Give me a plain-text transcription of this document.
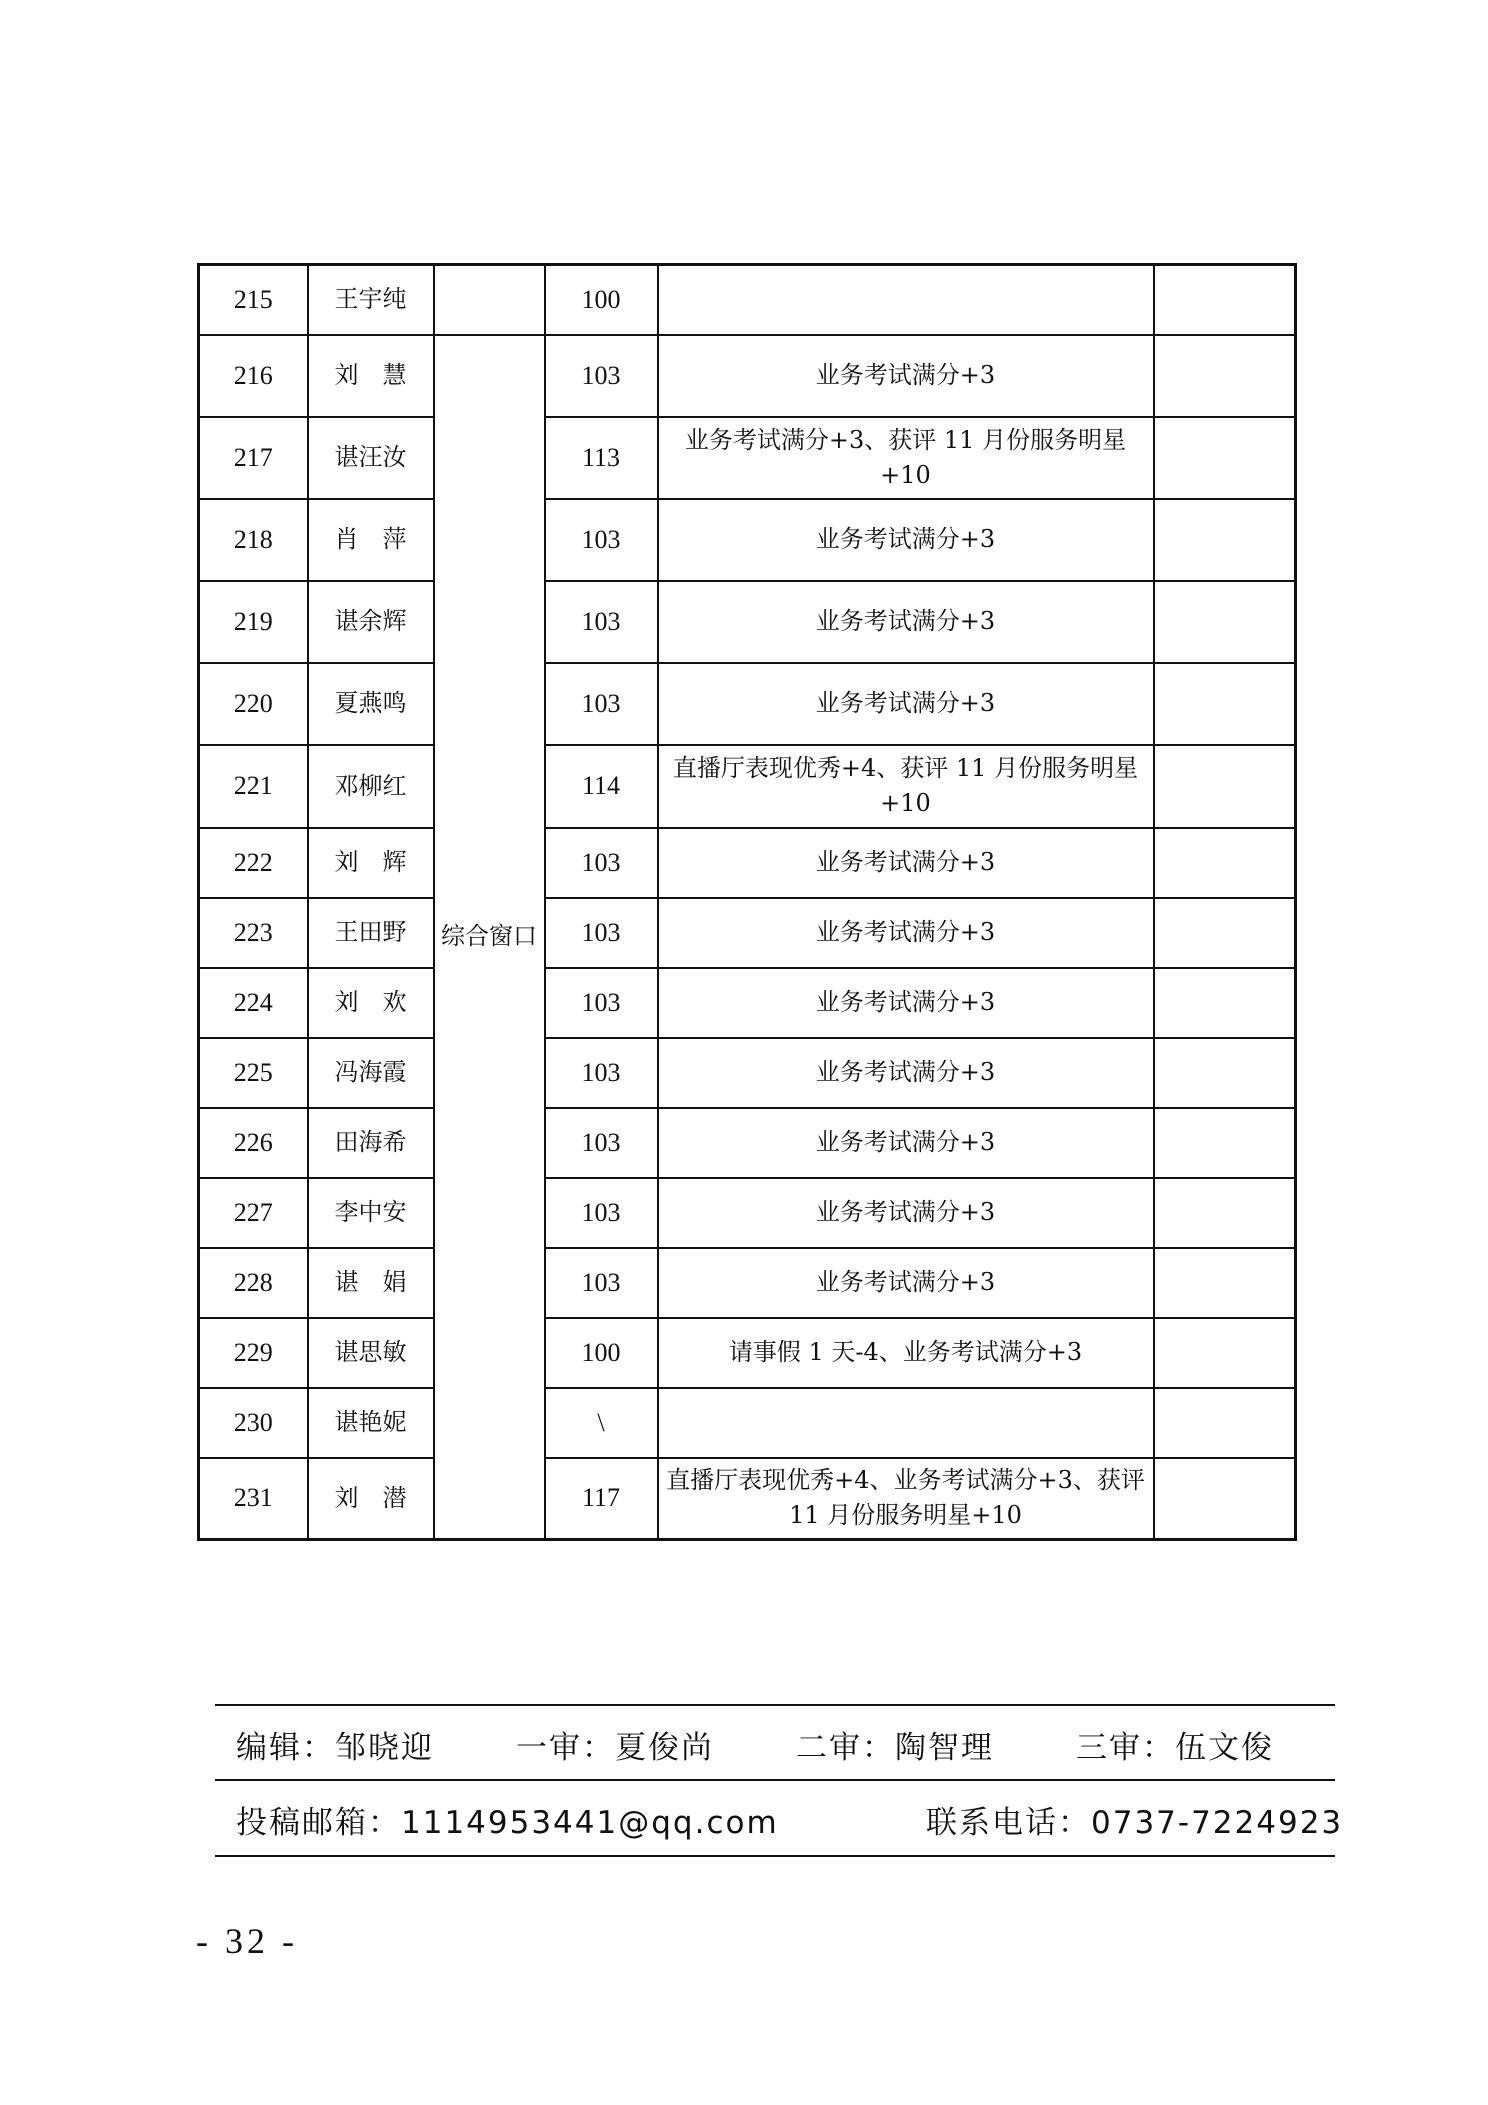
215	王宇纯		100		
216	刘　慧	综合窗口	103	业务考试满分+3	
217	谌汪汝		113	业务考试满分+3、获评 11 月份服务明星+10	
218	肖　萍		103	业务考试满分+3	
219	谌余辉		103	业务考试满分+3	
220	夏燕鸣		103	业务考试满分+3	
221	邓柳红		114	直播厅表现优秀+4、获评 11 月份服务明星+10	
222	刘　辉		103	业务考试满分+3	
223	王田野		103	业务考试满分+3	
224	刘　欢		103	业务考试满分+3	
225	冯海霞		103	业务考试满分+3	
226	田海希		103	业务考试满分+3	
227	李中安		103	业务考试满分+3	
228	谌　娟		103	业务考试满分+3	
229	谌思敏		100	请事假 1 天-4、业务考试满分+3	
230	谌艳妮		\		
231	刘　潜		117	直播厅表现优秀+4、业务考试满分+3、获评 11 月份服务明星+10	
编辑：邹晓迎	一审：夏俊尚	二审：陶智理	三审：伍文俊
投稿邮箱：1114953441@qq.com	联系电话：0737-7224923
- 32 -
